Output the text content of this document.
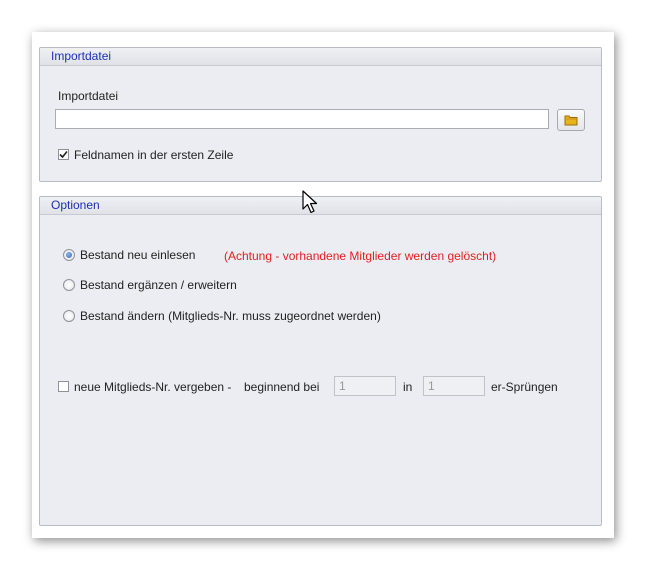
Importdatei
Importdatei
Feldnamen in der ersten Zeile
Optionen
Bestand neu einlesen (Achtung - vorhandene Mitglieder werden gelöscht)
Bestand ergänzen / erweitern
Bestand ändern (Mitglieds-Nr. muss zugeordnet werden)
neue Mitglieds-Nr. vergeben - beginnend bei
1	in
1	er-Sprüngen
